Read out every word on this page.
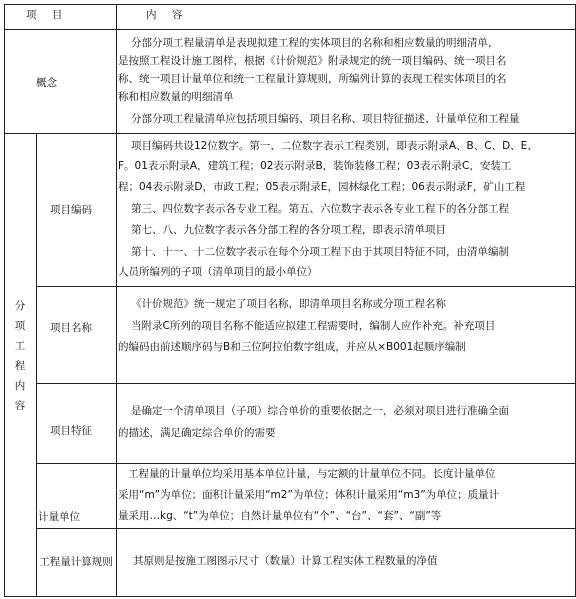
项 目	内 容
概念
分部分项工程量清单是表现拟建工程的实体项目的名称和相应数量的明细清单，
是按照工程设计施工图样，根据《计价规范》附录规定的统一项目编码、统一项目名
称、统一项目计量单位和统一工程量计算规则，所编列计算的表现工程实体项目的名
称和相应数量的明细清单
分部分项工程量清单应包括项目编码、项目名称、项目特征描述、计量单位和工程量
分
项
工
程
内
容
项目编码
项目编码共设12位数字。第一、二位数字表示工程类别，即表示附录A、B、C、D、E、
F。01表示附录A，建筑工程；02表示附录B，装饰装修工程；03表示附录C，安装工
程；04表示附录D，市政工程；05表示附录E，园林绿化工程；06表示附录F，矿山工程
第三、四位数字表示各专业工程。第五、六位数字表示各专业工程下的各分部工程
第七、八、九位数字表示各分部工程的各分项工程，即表示清单项目
第十、十一、十二位数字表示在每个分项工程下由于其项目特征不同，由清单编制
人员所编列的子项（清单项目的最小单位）
项目名称
《计价规范》统一规定了项目名称，即清单项目名称或分项工程名称
当附录C所列的项目名称不能适应拟建工程需要时，编制人应作补充。补充项目
的编码由前述顺序码与B和三位阿拉伯数字组成，并应从×B001起顺序编制
项目特征
是确定一个清单项目（子项）综合单价的重要依据之一，必须对项目进行准确全面
的描述，满足确定综合单价的需要
计量单位
工程量的计量单位均采用基本单位计量，与定额的计量单位不同。长度计量单位
采用“m”为单位；面积计量采用“m2”为单位；体积计量采用“m3”为单位；质量计
量采用…kg、“t”为单位；自然计量单位有“个”、“台”、“套”、“副”等
工程量计算规则 其原则是按施工图图示尺寸（数量）计算工程实体工程数量的净值
